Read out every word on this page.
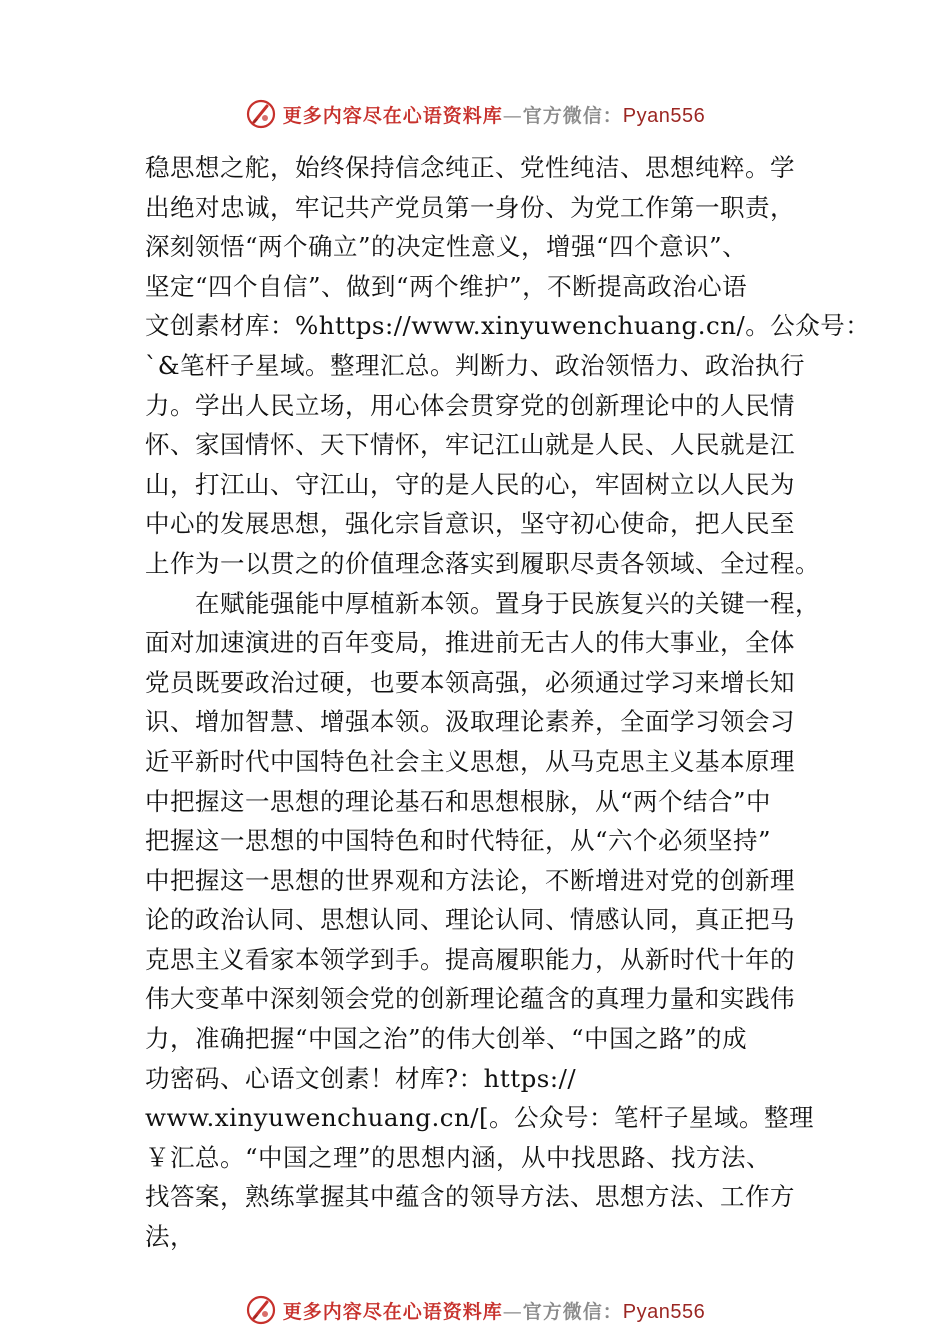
更多内容尽在心语资料库—官方微信：Pyan556
稳思想之舵，始终保持信念纯正、党性纯洁、思想纯粹。学
出绝对忠诚，牢记共产党员第一身份、为党工作第一职责，
深刻领悟“两个确立”的决定性意义，增强“四个意识”、
坚定“四个自信”、做到“两个维护”，不断提高政治心语
文创素材库：%https://www.xinyuwenchuang.cn/。公众号：
`&笔杆子星域。整理汇总。判断力、政治领悟力、政治执行
力。学出人民立场，用心体会贯穿党的创新理论中的人民情
怀、家国情怀、天下情怀，牢记江山就是人民、人民就是江
山，打江山、守江山，守的是人民的心，牢固树立以人民为
中心的发展思想，强化宗旨意识，坚守初心使命，把人民至
上作为一以贯之的价值理念落实到履职尽责各领域、全过程。
在赋能强能中厚植新本领。置身于民族复兴的关键一程，
面对加速演进的百年变局，推进前无古人的伟大事业，全体
党员既要政治过硬，也要本领高强，必须通过学习来增长知
识、增加智慧、增强本领。汲取理论素养，全面学习领会习
近平新时代中国特色社会主义思想，从马克思主义基本原理
中把握这一思想的理论基石和思想根脉，从“两个结合”中
把握这一思想的中国特色和时代特征，从“六个必须坚持”
中把握这一思想的世界观和方法论，不断增进对党的创新理
论的政治认同、思想认同、理论认同、情感认同，真正把马
克思主义看家本领学到手。提高履职能力，从新时代十年的
伟大变革中深刻领会党的创新理论蕴含的真理力量和实践伟
力，准确把握“中国之治”的伟大创举、“中国之路”的成
功密码、心语文创素！材库?：https://
www.xinyuwenchuang.cn/[。公众号：笔杆子星域。整理
￥汇总。“中国之理”的思想内涵，从中找思路、找方法、
找答案，熟练掌握其中蕴含的领导方法、思想方法、工作方
法，
更多内容尽在心语资料库—官方微信：Pyan556
